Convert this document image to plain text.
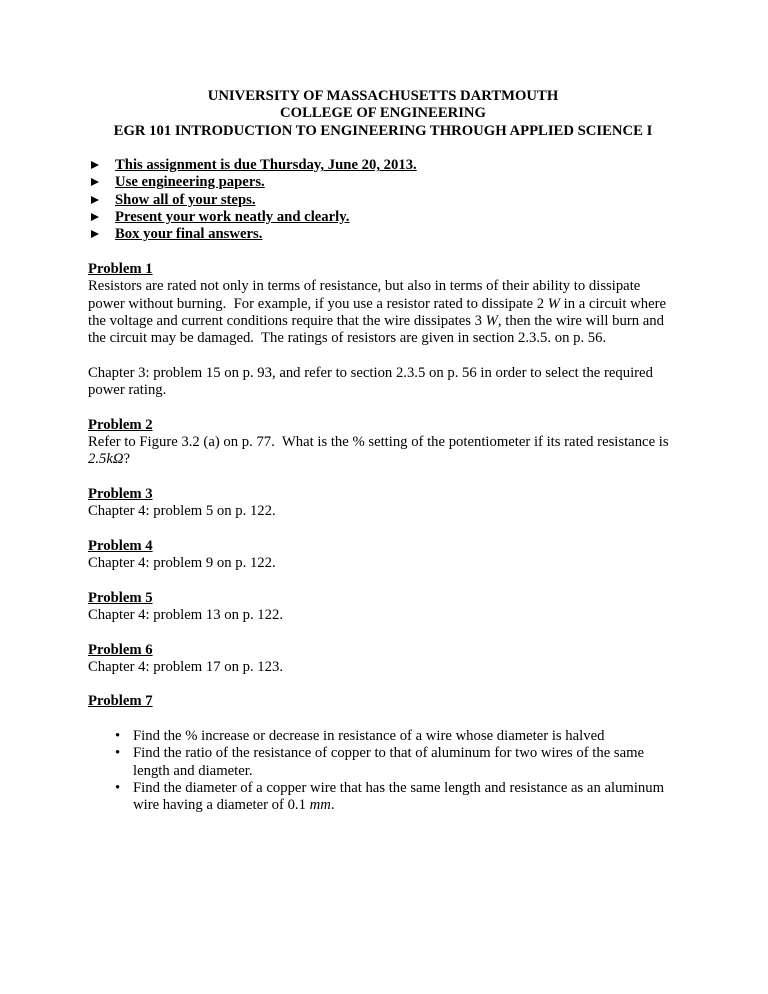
UNIVERSITY OF MASSACHUSETTS DARTMOUTH
COLLEGE OF ENGINEERING
EGR 101 INTRODUCTION TO ENGINEERING THROUGH APPLIED SCIENCE I
This assignment is due Thursday, June 20, 2013.
Use engineering papers.
Show all of your steps.
Present your work neatly and clearly.
Box your final answers.
Problem 1

Resistors are rated not only in terms of resistance, but also in terms of their ability to dissipate power without burning.  For example, if you use a resistor rated to dissipate 2 W in a circuit where the voltage and current conditions require that the wire dissipates 3 W, then the wire will burn and the circuit may be damaged.  The ratings of resistors are given in section 2.3.5. on p. 56.

Chapter 3: problem 15 on p. 93, and refer to section 2.3.5 on p. 56 in order to select the required power rating.

Problem 2

Refer to Figure 3.2 (a) on p. 77.  What is the % setting of the potentiometer if its rated resistance is  2.5kΩ?

Problem 3

Chapter 4: problem 5 on p. 122.

Problem 4

Chapter 4: problem 9 on p. 122.

Problem 5

Chapter 4: problem 13 on p. 122.

Problem 6

Chapter 4: problem 17 on p. 123.

Problem 7
• Find the % increase or decrease in resistance of a wire whose diameter is halved
• Find the ratio of the resistance of copper to that of aluminum for two wires of the same length and diameter.
• Find the diameter of a copper wire that has the same length and resistance as an aluminum wire having a diameter of 0.1 mm.
